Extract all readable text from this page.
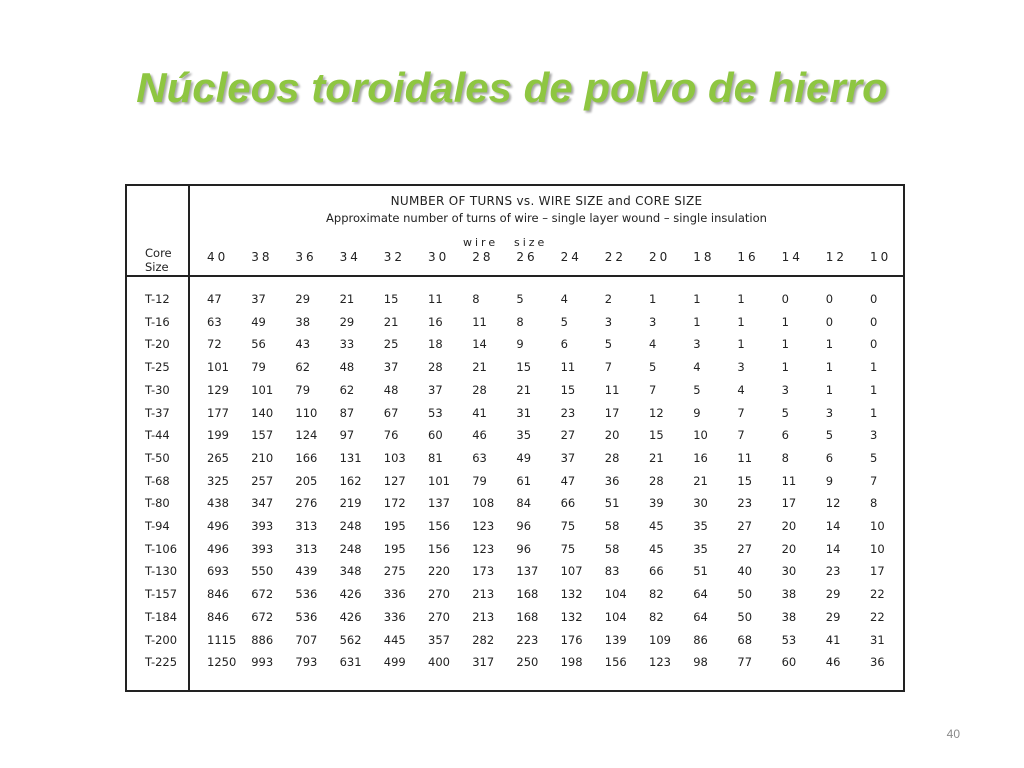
Núcleos toroidales de polvo de hierro
NUMBER OF TURNS vs. WIRE SIZE and CORE SIZE
Approximate number of turns of wire – single layer wound – single insulation
wire size
Core
Size
40	38	36	34	32	30	28	26	24	22	20	18	16	14	12	10
T-12	47	37	29	21	15	11	8	5	4	2	1	1	1	0	0	0
T-16	63	49	38	29	21	16	11	8	5	3	3	1	1	1	0	0
T-20	72	56	43	33	25	18	14	9	6	5	4	3	1	1	1	0
T-25	101	79	62	48	37	28	21	15	11	7	5	4	3	1	1	1
T-30	129	101	79	62	48	37	28	21	15	11	7	5	4	3	1	1
T-37	177	140	110	87	67	53	41	31	23	17	12	9	7	5	3	1
T-44	199	157	124	97	76	60	46	35	27	20	15	10	7	6	5	3
T-50	265	210	166	131	103	81	63	49	37	28	21	16	11	8	6	5
T-68	325	257	205	162	127	101	79	61	47	36	28	21	15	11	9	7
T-80	438	347	276	219	172	137	108	84	66	51	39	30	23	17	12	8
T-94	496	393	313	248	195	156	123	96	75	58	45	35	27	20	14	10
T-106	496	393	313	248	195	156	123	96	75	58	45	35	27	20	14	10
T-130	693	550	439	348	275	220	173	137	107	83	66	51	40	30	23	17
T-157	846	672	536	426	336	270	213	168	132	104	82	64	50	38	29	22
T-184	846	672	536	426	336	270	213	168	132	104	82	64	50	38	29	22
T-200	1115	886	707	562	445	357	282	223	176	139	109	86	68	53	41	31
T-225	1250	993	793	631	499	400	317	250	198	156	123	98	77	60	46	36
40
